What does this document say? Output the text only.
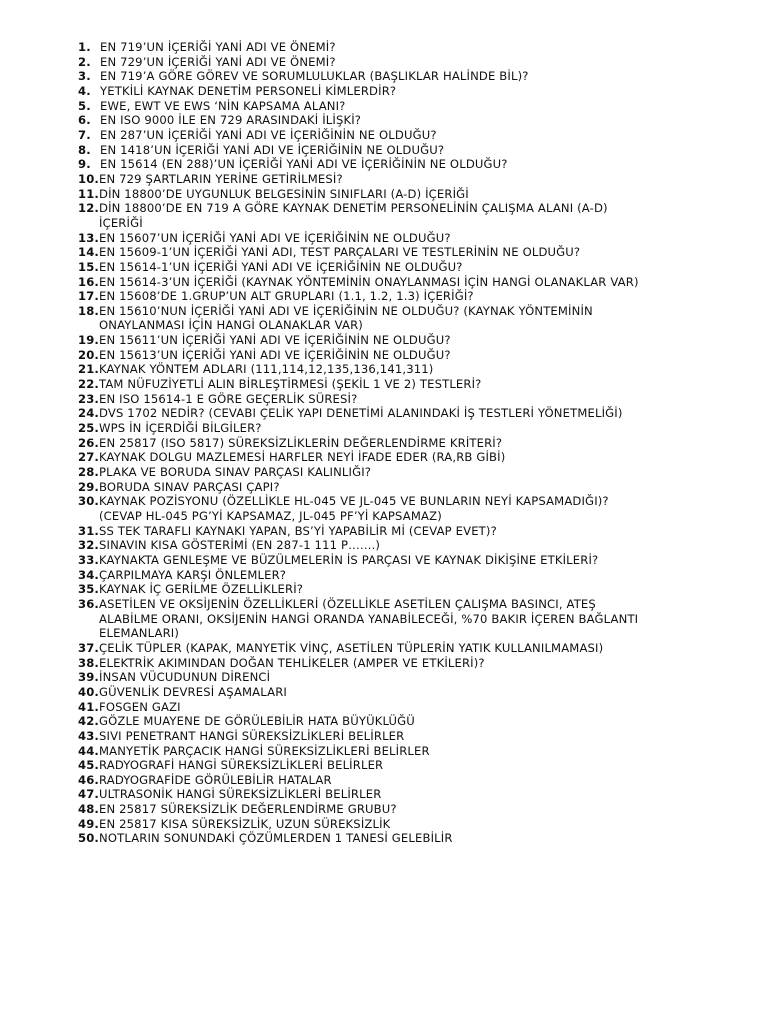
1. EN 719’UN İÇERİĞİ YANİ ADI VE ÖNEMİ?
2. EN 729’UN İÇERİĞİ YANİ ADI VE ÖNEMİ?
3. EN 719’A GÖRE GÖREV VE SORUMLULUKLAR (BAŞLIKLAR HALİNDE BİL)?
4. YETKİLİ KAYNAK DENETİM PERSONELİ KİMLERDİR?
5. EWE, EWT VE EWS ‘NİN KAPSAMA ALANI?
6. EN ISO 9000 İLE EN 729 ARASINDAKİ İLİŞKİ?
7. EN 287’UN İÇERİĞİ YANİ ADI VE İÇERİĞİNİN NE OLDUĞU?
8. EN 1418’UN İÇERİĞİ YANİ ADI VE İÇERİĞİNİN NE OLDUĞU?
9. EN 15614 (EN 288)’UN İÇERİĞİ YANİ ADI VE İÇERİĞİNİN NE OLDUĞU?
10. EN 729 ŞARTLARIN YERİNE GETİRİLMESİ?
11. DİN 18800’DE UYGUNLUK BELGESİNİN SINIFLARI (A-D) İÇERİĞİ
12. DİN 18800’DE EN 719 A GÖRE KAYNAK DENETİM PERSONELİNİN ÇALIŞMA ALANI (A-D)
İÇERİĞİ
13. EN 15607’UN İÇERİĞİ YANİ ADI VE İÇERİĞİNİN NE OLDUĞU?
14. EN 15609-1’UN İÇERİĞİ YANİ ADI, TEST PARÇALARI VE TESTLERİNİN NE OLDUĞU?
15. EN 15614-1’UN İÇERİĞİ YANİ ADI VE İÇERİĞİNİN NE OLDUĞU?
16. EN 15614-3’UN İÇERİĞİ (KAYNAK YÖNTEMİNİN ONAYLANMASI İÇİN HANGİ OLANAKLAR VAR)
17. EN 15608’DE 1.GRUP’UN ALT GRUPLARI (1.1, 1.2, 1.3) İÇERİĞİ?
18. EN 15610’NUN İÇERİĞİ YANİ ADI VE İÇERİĞİNİN NE OLDUĞU? (KAYNAK YÖNTEMİNİN
ONAYLANMASI İÇİN HANGİ OLANAKLAR VAR)
19. EN 15611’UN İÇERİĞİ YANİ ADI VE İÇERİĞİNİN NE OLDUĞU?
20. EN 15613’UN İÇERİĞİ YANİ ADI VE İÇERİĞİNİN NE OLDUĞU?
21. KAYNAK YÖNTEM ADLARI (111,114,12,135,136,141,311)
22. TAM NÜFUZİYETLİ ALIN BİRLEŞTİRMESİ (ŞEKİL 1 VE 2) TESTLERİ?
23. EN ISO 15614-1 E GÖRE GEÇERLİK SÜRESİ?
24. DVS 1702 NEDİR? (CEVABI ÇELİK YAPI DENETİMİ ALANINDAKİ İŞ TESTLERİ YÖNETMELİĞİ)
25. WPS İN İÇERDİĞİ BİLGİLER?
26. EN 25817 (ISO 5817) SÜREKSİZLİKLERİN DEĞERLENDİRME KRİTERİ?
27. KAYNAK DOLGU MAZLEMESİ HARFLER NEYİ İFADE EDER (RA,RB GİBİ)
28. PLAKA VE BORUDA SINAV PARÇASI KALINLIĞI?
29. BORUDA SINAV PARÇASI ÇAPI?
30. KAYNAK POZİSYONU (ÖZELLİKLE HL-045 VE JL-045 VE BUNLARIN NEYİ KAPSAMADIĞI)?
(CEVAP HL-045 PG’Yİ KAPSAMAZ, JL-045 PF’Yİ KAPSAMAZ)
31. SS TEK TARAFLI KAYNAKI YAPAN, BS’Yİ YAPABİLİR Mİ (CEVAP EVET)?
32. SINAVIN KISA GÖSTERİMİ (EN 287-1 111 P…….)
33. KAYNAKTA GENLEŞME VE BÜZÜLMELERİN İS PARÇASI VE KAYNAK DİKİŞİNE ETKİLERİ?
34. ÇARPILMAYA KARŞI ÖNLEMLER?
35. KAYNAK İÇ GERİLME ÖZELLİKLERİ?
36. ASETİLEN VE OKSİJENİN ÖZELLİKLERİ (ÖZELLİKLE ASETİLEN ÇALIŞMA BASINCI, ATEŞ
ALABİLME ORANI, OKSİJENİN HANGİ ORANDA YANABİLECEĞİ, %70 BAKIR İÇEREN BAĞLANTI
ELEMANLARI)
37. ÇELİK TÜPLER (KAPAK, MANYETİK VİNÇ, ASETİLEN TÜPLERİN YATIK KULLANILMAMASI)
38. ELEKTRİK AKIMINDAN DOĞAN TEHLİKELER (AMPER VE ETKİLERİ)?
39. İNSAN VÜCUDUNUN DİRENCİ
40. GÜVENLİK DEVRESİ AŞAMALARI
41. FOSGEN GAZI
42. GÖZLE MUAYENE DE GÖRÜLEBİLİR HATA BÜYÜKLÜĞÜ
43. SIVI PENETRANT HANGİ SÜREKSİZLİKLERİ BELİRLER
44. MANYETİK PARÇACIK HANGİ SÜREKSİZLİKLERİ BELİRLER
45. RADYOGRAFİ HANGİ SÜREKSİZLİKLERİ BELİRLER
46. RADYOGRAFİDE GÖRÜLEBİLİR HATALAR
47. ULTRASONİK HANGİ SÜREKSİZLİKLERİ BELİRLER
48. EN 25817 SÜREKSİZLİK DEĞERLENDİRME GRUBU?
49. EN 25817 KISA SÜREKSİZLİK, UZUN SÜREKSİZLİK
50. NOTLARIN SONUNDAKİ ÇÖZÜMLERDEN 1 TANESİ GELEBİLİR
